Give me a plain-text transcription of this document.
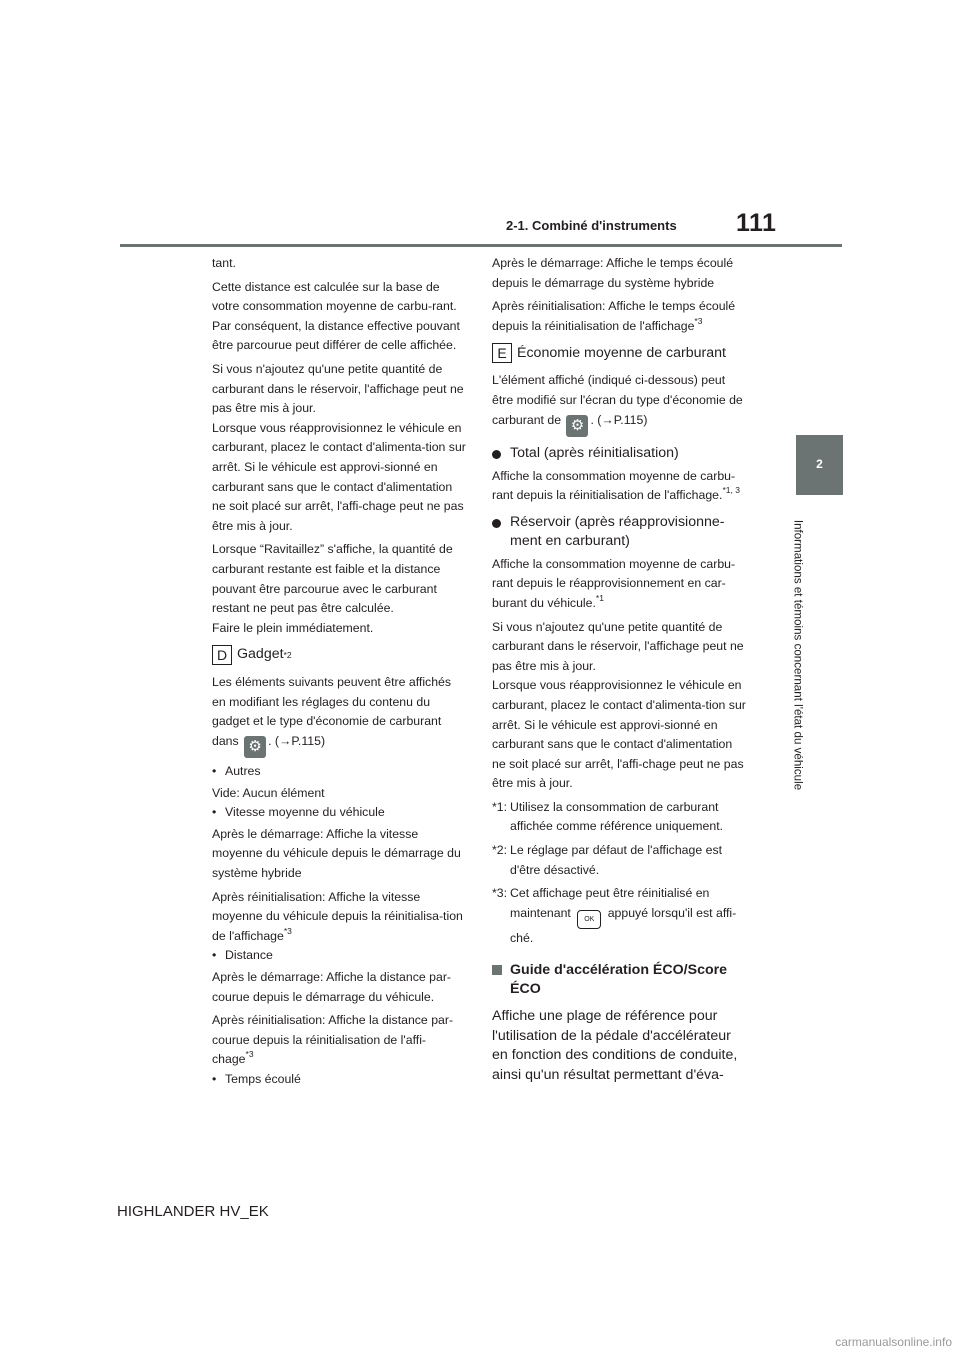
2-1. Combiné d'instruments 111
2
Informations et témoins concernant l'état du véhicule

tant.

Cette distance est calculée sur la base de votre consommation moyenne de carbu-rant. Par conséquent, la distance effective pouvant être parcourue peut différer de celle affichée.

Si vous n'ajoutez qu'une petite quantité de carburant dans le réservoir, l'affichage peut ne pas être mis à jour.

Lorsque vous réapprovisionnez le véhicule en carburant, placez le contact d'alimenta-tion sur arrêt. Si le véhicule est approvi-sionné en carburant sans que le contact d'alimentation ne soit placé sur arrêt, l'affi-chage peut ne pas être mis à jour.

Lorsque “Ravitaillez” s'affiche, la quantité de carburant restante est faible et la distance pouvant être parcourue avec le carburant restant ne peut pas être calculée.

Faire le plein immédiatement.

D Gadget *2

Les éléments suivants peuvent être affichés en modifiant les réglages du contenu du gadget et le type d'économie de carburant

dans ⚙ . (→P.115)

• Autres

Vide: Aucun élément

• Vitesse moyenne du véhicule

Après le démarrage: Affiche la vitesse moyenne du véhicule depuis le démarrage du système hybride

Après réinitialisation: Affiche la vitesse moyenne du véhicule depuis la réinitialisa-tion de l'affichage$^{*3}$

• Distance

Après le démarrage: Affiche la distance par-courue depuis le démarrage du véhicule.

Après réinitialisation: Affiche la distance par-courue depuis la réinitialisation de l'affi-chage$^{*3}$

• Temps écoulé

Après le démarrage: Affiche le temps écoulé depuis le démarrage du système hybride

Après réinitialisation: Affiche le temps écoulé depuis la réinitialisation de l'affichage$^{*3}$

E Économie moyenne de carburant

L'élément affiché (indiqué ci-dessous) peut être modifié sur l'écran du type d'économie de carburant de ⚙ . (→P.115)

Total (après réinitialisation)

Affiche la consommation moyenne de carbu-rant depuis la réinitialisation de l'affichage.$^{*1, 3}$

Réservoir (après réapprovisionne-ment en carburant)

Affiche la consommation moyenne de carbu-rant depuis le réapprovisionnement en car-burant du véhicule.$^{*1}$

Si vous n'ajoutez qu'une petite quantité de carburant dans le réservoir, l'affichage peut ne pas être mis à jour.

Lorsque vous réapprovisionnez le véhicule en carburant, placez le contact d'alimenta-tion sur arrêt. Si le véhicule est approvi-sionné en carburant sans que le contact d'alimentation ne soit placé sur arrêt, l'affi-chage peut ne pas être mis à jour.

*1: Utilisez la consommation de carburant affichée comme référence uniquement.

*2: Le réglage par défaut de l'affichage est d'être désactivé.

*3: Cet affichage peut être réinitialisé en maintenant OK appuyé lorsqu'il est affi-ché.

Guide d'accélération ÉCO/Score ÉCO

Affiche une plage de référence pour l'utilisation de la pédale d'accélérateur en fonction des conditions de conduite, ainsi qu'un résultat permettant d'éva-

HIGHLANDER HV_EK
carmanualsonline.info
